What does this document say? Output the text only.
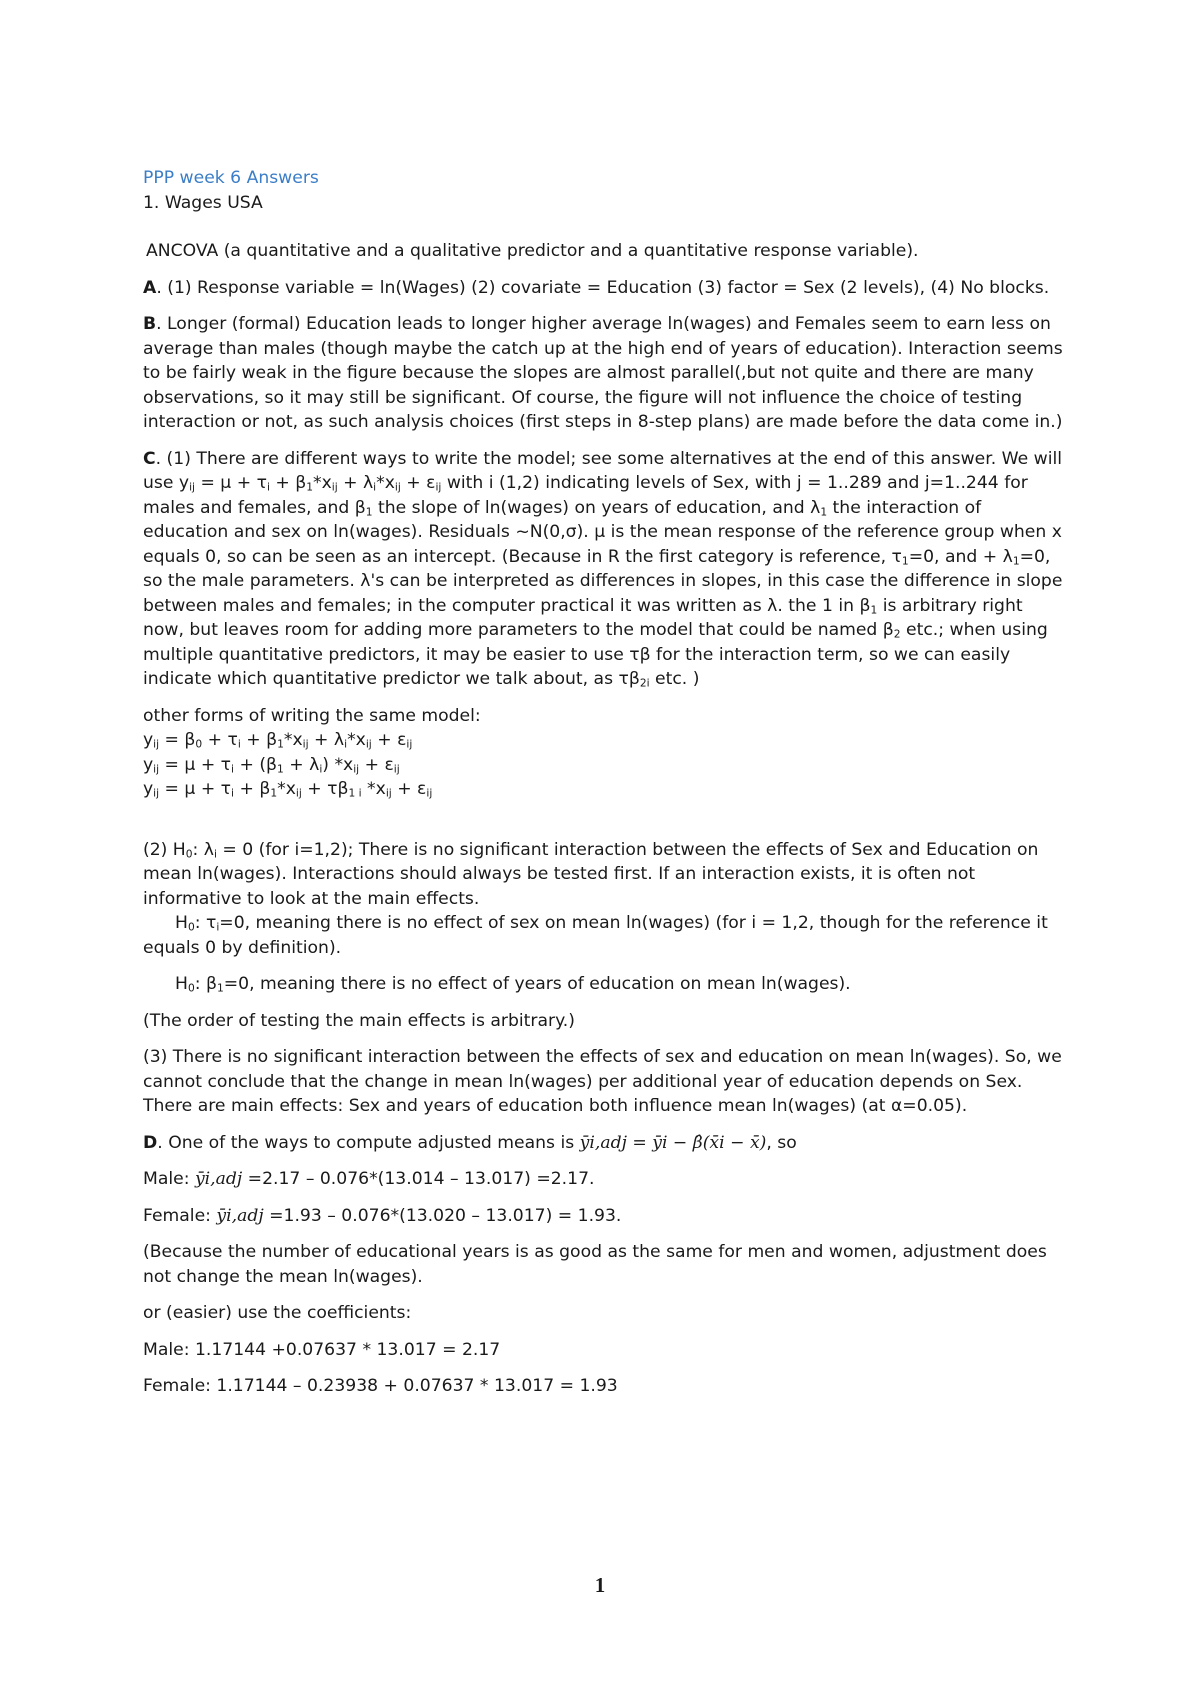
PPP week 6 Answers

1. Wages USA

ANCOVA (a quantitative and a qualitative predictor and a quantitative response variable).

A. (1) Response variable = ln(Wages) (2) covariate = Education (3) factor = Sex (2 levels), (4) No blocks.

B. Longer (formal) Education leads to longer higher average ln(wages) and Females seem to earn less on average than males (though maybe the catch up at the high end of years of education). Interaction seems to be fairly weak in the figure because the slopes are almost parallel(,but not quite and there are many observations, so it may still be significant. Of course, the figure will not influence the choice of testing interaction or not, as such analysis choices (first steps in 8-step plans) are made before the data come in.)

C. (1) There are different ways to write the model; see some alternatives at the end of this answer. We will use $y_{ij} = \mu + \tau_i + \beta_1*x_{ij} + \lambda_i*x_{ij} + \varepsilon_{ij}$ with i (1,2) indicating levels of Sex, with j = 1..289 and j=1..244 for males and females, and $\beta_1$ the slope of ln(wages) on years of education, and $\lambda_1$ the interaction of education and sex on ln(wages). Residuals ~N(0,σ). μ is the mean response of the reference group when x equals 0, so can be seen as an intercept. (Because in R the first category is reference, $\tau_1=0$, and + $\lambda_1=0$, so the male parameters. λ's can be interpreted as differences in slopes, in this case the difference in slope between males and females; in the computer practical it was written as λ. the 1 in $\beta_1$ is arbitrary right now, but leaves room for adding more parameters to the model that could be named $\beta_2$ etc.; when using multiple quantitative predictors, it may be easier to use τβ for the interaction term, so we can easily indicate which quantitative predictor we talk about, as $\tau\beta_{2i}$ etc. )

other forms of writing the same model:

$y_{ij} = \beta_0 + \tau_i + \beta_1*x_{ij} + \lambda_i*x_{ij} + \varepsilon_{ij}$

$y_{ij} = \mu + \tau_i + (\beta_1 + \lambda_i) *x_{ij} + \varepsilon_{ij}$

$y_{ij} = \mu + \tau_i + \beta_1*x_{ij} + \tau\beta_{1 i}$ $*x_{ij} + \varepsilon_{ij}$

(2) $H_0$: $\lambda_i = 0$ (for i=1,2); There is no significant interaction between the effects of Sex and Education on mean ln(wages). Interactions should always be tested first. If an interaction exists, it is often not informative to look at the main effects.

$H_0$: $\tau_i=0$, meaning there is no effect of sex on mean ln(wages) (for i = 1,2, though for the reference it equals 0 by definition).

$H_0$: $\beta_1=0$, meaning there is no effect of years of education on mean ln(wages).

(The order of testing the main effects is arbitrary.)

(3) There is no significant interaction between the effects of sex and education on mean ln(wages). So, we cannot conclude that the change in mean ln(wages) per additional year of education depends on Sex. There are main effects: Sex and years of education both influence mean ln(wages) (at α=0.05).

D. One of the ways to compute adjusted means is ȳi,adj = ȳi − β̂(x̄i − x̄), so

Male: ȳi,adj =2.17 – 0.076*(13.014 – 13.017) =2.17.

Female: ȳi,adj =1.93 – 0.076*(13.020 – 13.017) = 1.93.

(Because the number of educational years is as good as the same for men and women, adjustment does not change the mean ln(wages).

or (easier) use the coefficients:

Male: 1.17144 +0.07637 * 13.017 = 2.17

Female: 1.17144 – 0.23938 + 0.07637 * 13.017 = 1.93

1
